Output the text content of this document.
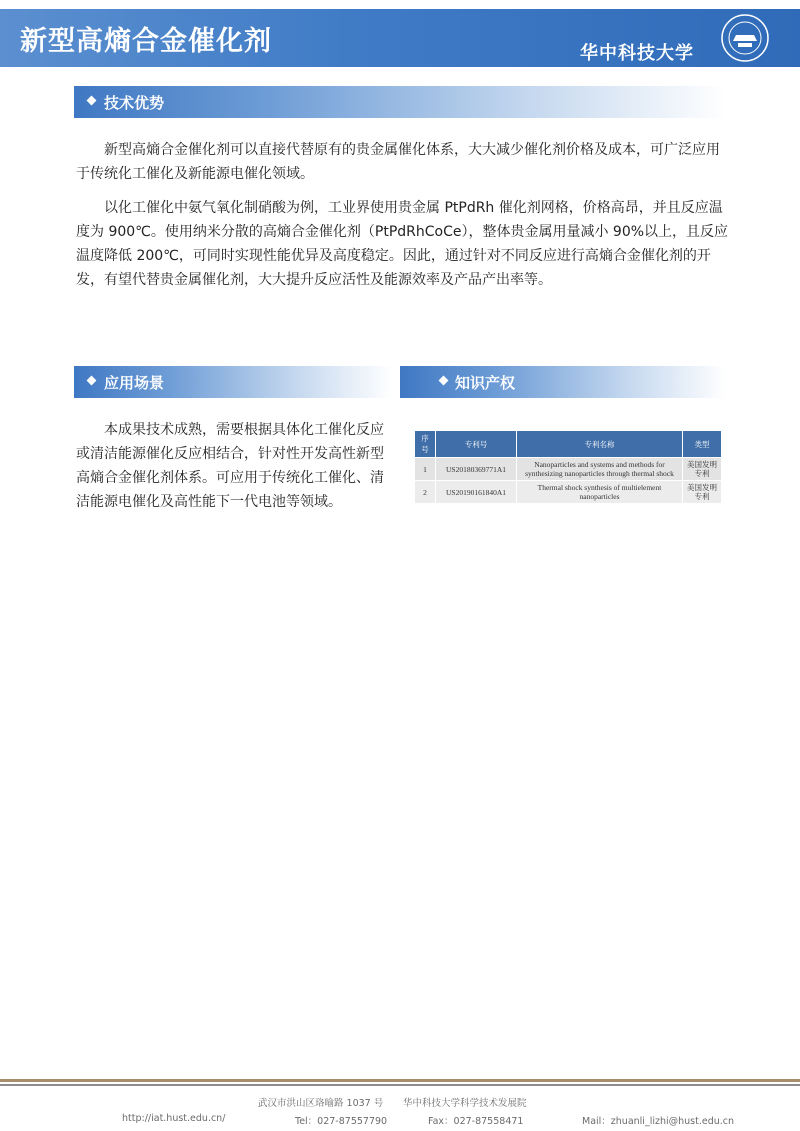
新型高熵合金催化剂	华中科技大学
技术优势

新型高熵合金催化剂可以直接代替原有的贵金属催化体系，大大减少催化剂价格及成本，可广泛应用于传统化工催化及新能源电催化领域。

以化工催化中氨气氧化制硝酸为例，工业界使用贵金属 PtPdRh 催化剂网格，价格高昂，并且反应温度为 900℃。使用纳米分散的高熵合金催化剂（PtPdRhCoCe），整体贵金属用量减小 90%以上，且反应温度降低 200℃，可同时实现性能优异及高度稳定。因此，通过针对不同反应进行高熵合金催化剂的开发，有望代替贵金属催化剂，大大提升反应活性及能源效率及产品产出率等。

应用场景

本成果技术成熟，需要根据具体化工催化反应或清洁能源催化反应相结合，针对性开发高性新型高熵合金催化剂体系。可应用于传统化工催化、清洁能源电催化及高性能下一代电池等领域。

知识产权
序号	专利号	专利名称	类型
1	US20180369771A1	Nanoparticles and systems and methods for synthesizing nanoparticles through thermal shock	美国发明专利
2	US20190161840A1	Thermal shock synthesis of multielement nanoparticles	美国发明专利
武汉市洪山区珞喻路 1037 号 华中科技大学科学技术发展院
http://iat.hust.edu.cn/	Tel：027-87557790	Fax：027-87558471	Mail：zhuanli_lizhi@hust.edu.cn
